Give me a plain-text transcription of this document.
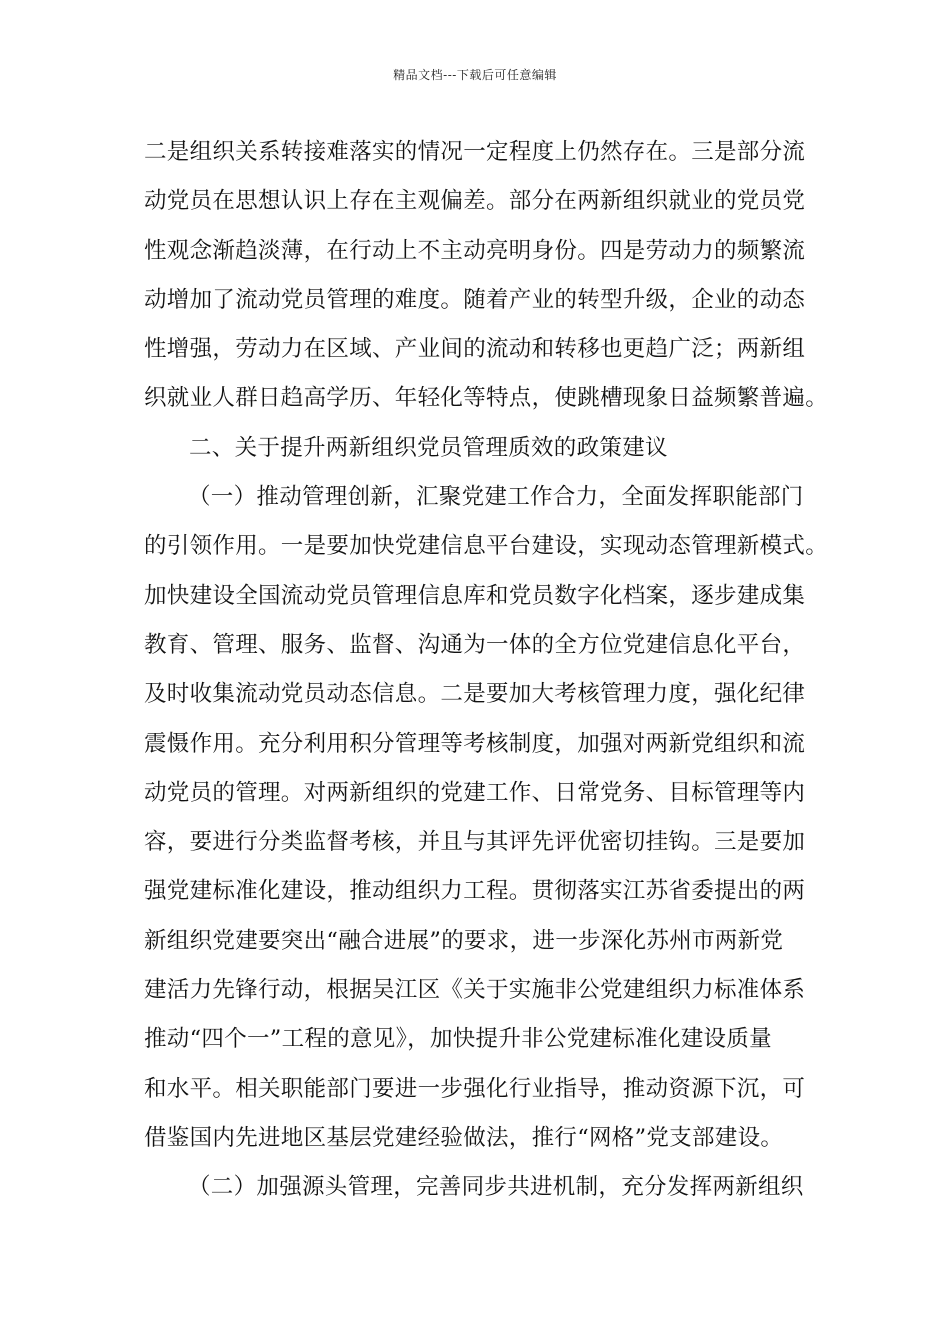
精品文档---下载后可任意编辑
二是组织关系转接难落实的情况一定程度上仍然存在。三是部分流
动党员在思想认识上存在主观偏差。部分在两新组织就业的党员党
性观念渐趋淡薄，在行动上不主动亮明身份。四是劳动力的频繁流
动增加了流动党员管理的难度。随着产业的转型升级，企业的动态
性增强，劳动力在区域、产业间的流动和转移也更趋广泛；两新组
织就业人群日趋高学历、年轻化等特点，使跳槽现象日益频繁普遍。
二、关于提升两新组织党员管理质效的政策建议
（一）推动管理创新，汇聚党建工作合力，全面发挥职能部门
的引领作用。一是要加快党建信息平台建设，实现动态管理新模式。
加快建设全国流动党员管理信息库和党员数字化档案，逐步建成集
教育、管理、服务、监督、沟通为一体的全方位党建信息化平台，
及时收集流动党员动态信息。二是要加大考核管理力度，强化纪律
震慑作用。充分利用积分管理等考核制度，加强对两新党组织和流
动党员的管理。对两新组织的党建工作、日常党务、目标管理等内
容，要进行分类监督考核，并且与其评先评优密切挂钩。三是要加
强党建标准化建设，推动组织力工程。贯彻落实江苏省委提出的两
新组织党建要突出“融合进展”的要求，进一步深化苏州市两新党
建活力先锋行动，根据吴江区《关于实施非公党建组织力标准体系
推动“四个一”工程的意见》，加快提升非公党建标准化建设质量
和水平。相关职能部门要进一步强化行业指导，推动资源下沉，可
借鉴国内先进地区基层党建经验做法，推行“网格”党支部建设。
（二）加强源头管理，完善同步共进机制，充分发挥两新组织
